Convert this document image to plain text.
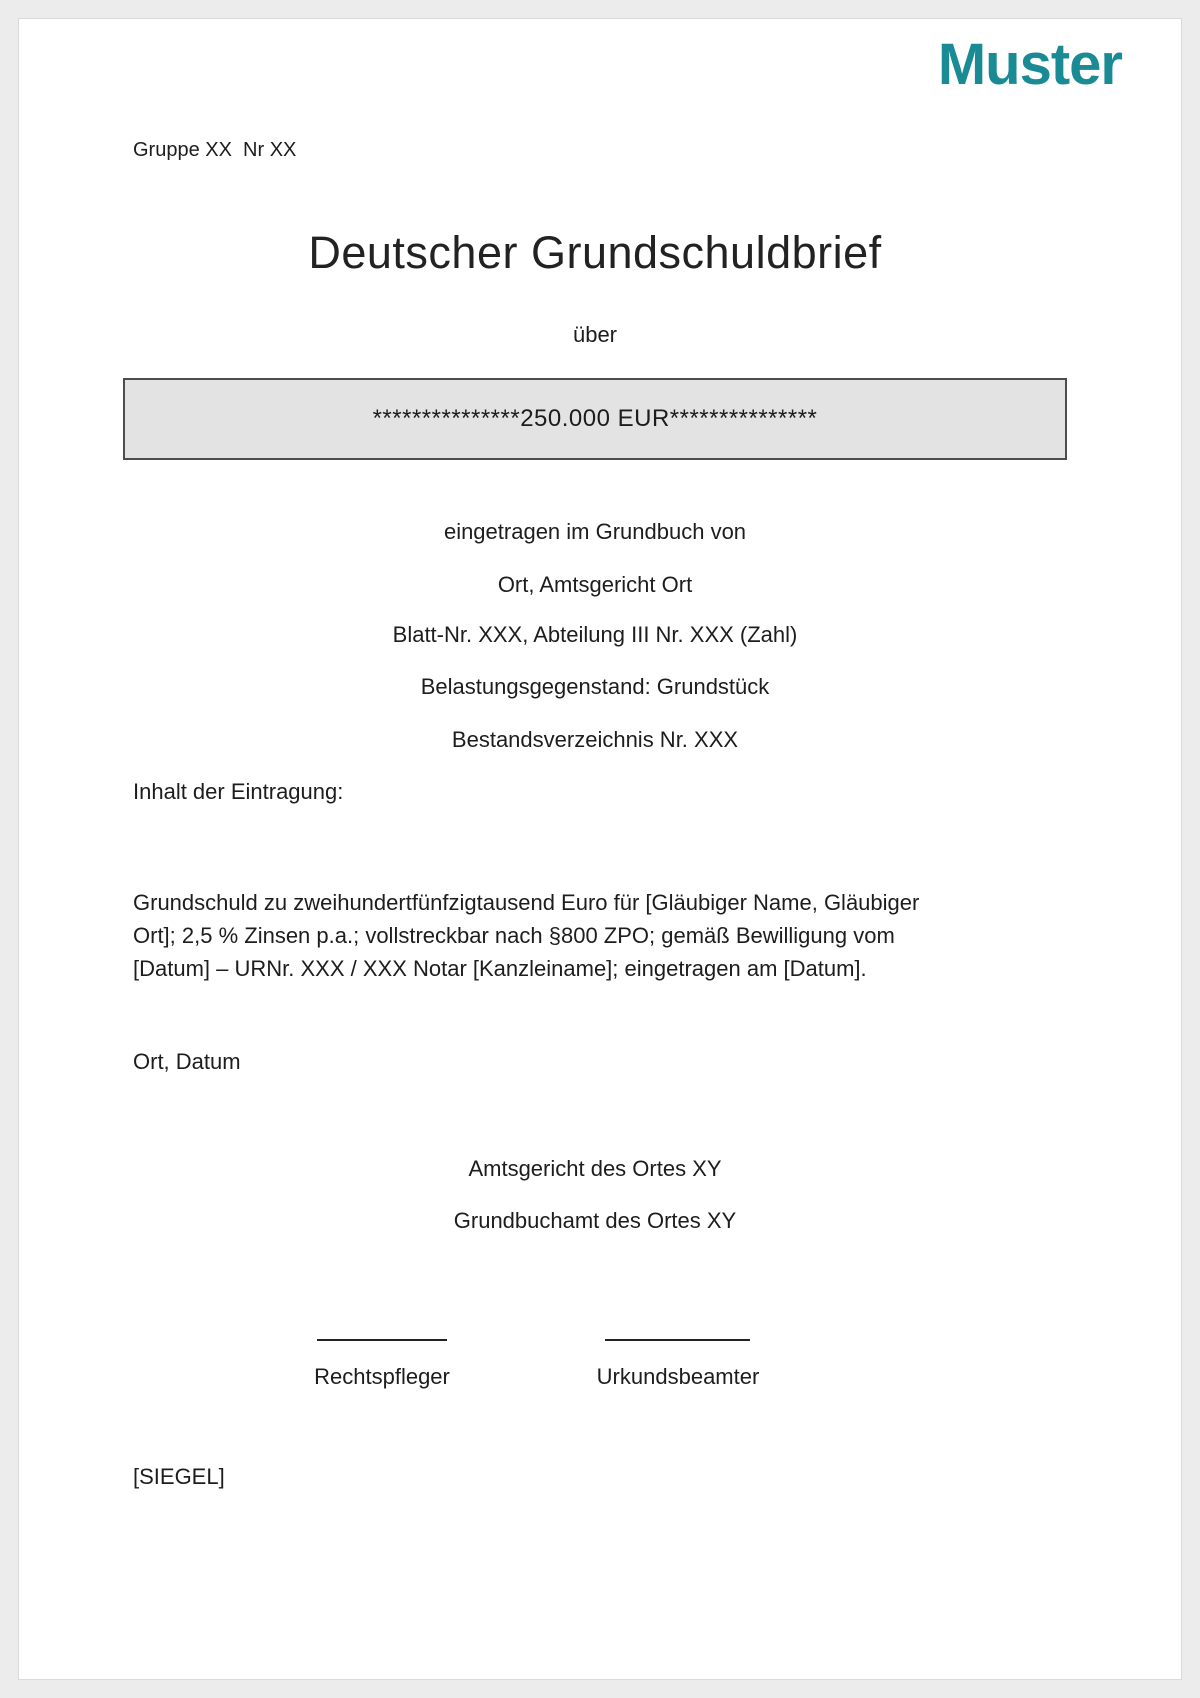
Muster
Gruppe XX  Nr XX
Deutscher Grundschuldbrief
über
***************250.000 EUR***************
eingetragen im Grundbuch von
Ort, Amtsgericht Ort
Blatt-Nr. XXX, Abteilung III Nr. XXX (Zahl)
Belastungsgegenstand: Grundstück
Bestandsverzeichnis Nr. XXX
Inhalt der Eintragung:
Grundschuld zu zweihundertfünfzigtausend Euro für [Gläubiger Name, Gläubiger
Ort]; 2,5 % Zinsen p.a.; vollstreckbar nach §800 ZPO; gemäß Bewilligung vom
[Datum] – URNr. XXX / XXX Notar [Kanzleiname]; eingetragen am [Datum].
Ort, Datum
Amtsgericht des Ortes XY
Grundbuchamt des Ortes XY
Rechtspfleger	Urkundsbeamter
[SIEGEL]
